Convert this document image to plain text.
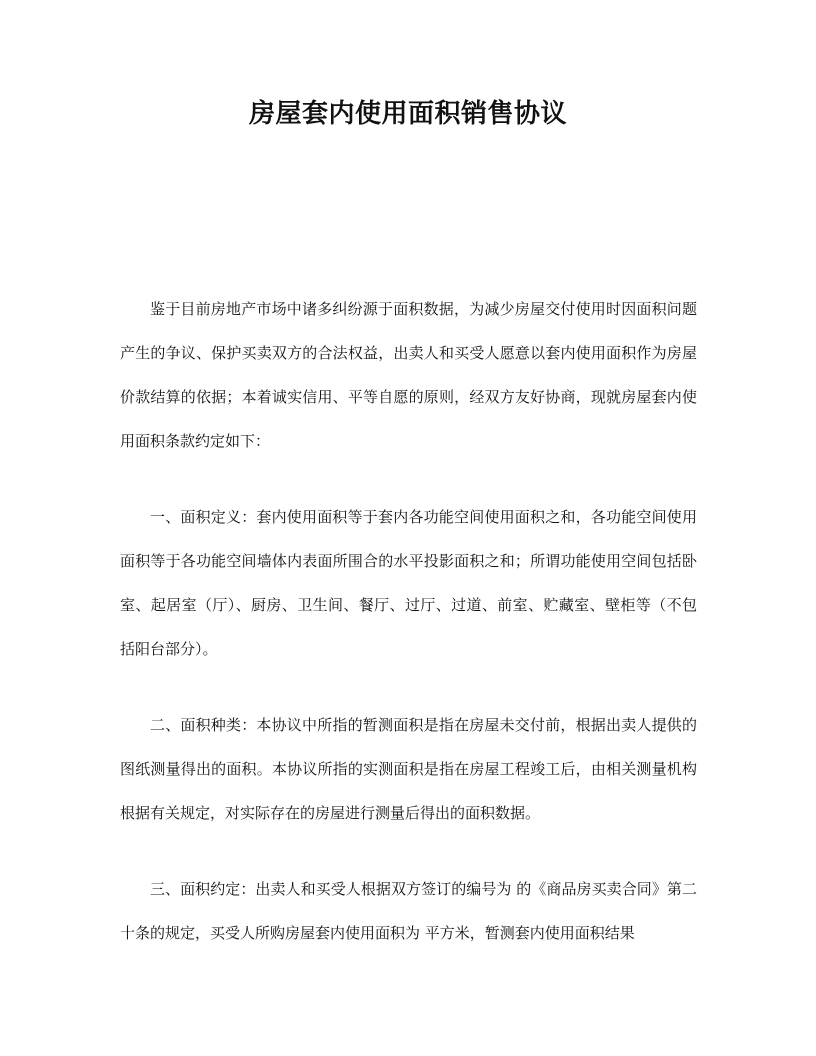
房屋套内使用面积销售协议

鉴于目前房地产市场中诸多纠纷源于面积数据，为减少房屋交付使用时因面积问题产生的争议、保护买卖双方的合法权益，出卖人和买受人愿意以套内使用面积作为房屋价款结算的依据；本着诚实信用、平等自愿的原则，经双方友好协商，现就房屋套内使用面积条款约定如下：

一、面积定义：套内使用面积等于套内各功能空间使用面积之和，各功能空间使用面积等于各功能空间墙体内表面所围合的水平投影面积之和；所谓功能使用空间包括卧室、起居室（厅）、厨房、卫生间、餐厅、过厅、过道、前室、贮藏室、壁柜等（不包括阳台部分）。

二、面积种类：本协议中所指的暂测面积是指在房屋未交付前，根据出卖人提供的图纸测量得出的面积。本协议所指的实测面积是指在房屋工程竣工后，由相关测量机构根据有关规定，对实际存在的房屋进行测量后得出的面积数据。

三、面积约定：出卖人和买受人根据双方签订的编号为 的《商品房买卖合同》第二十条的规定，买受人所购房屋套内使用面积为 平方米，暂测套内使用面积结果
